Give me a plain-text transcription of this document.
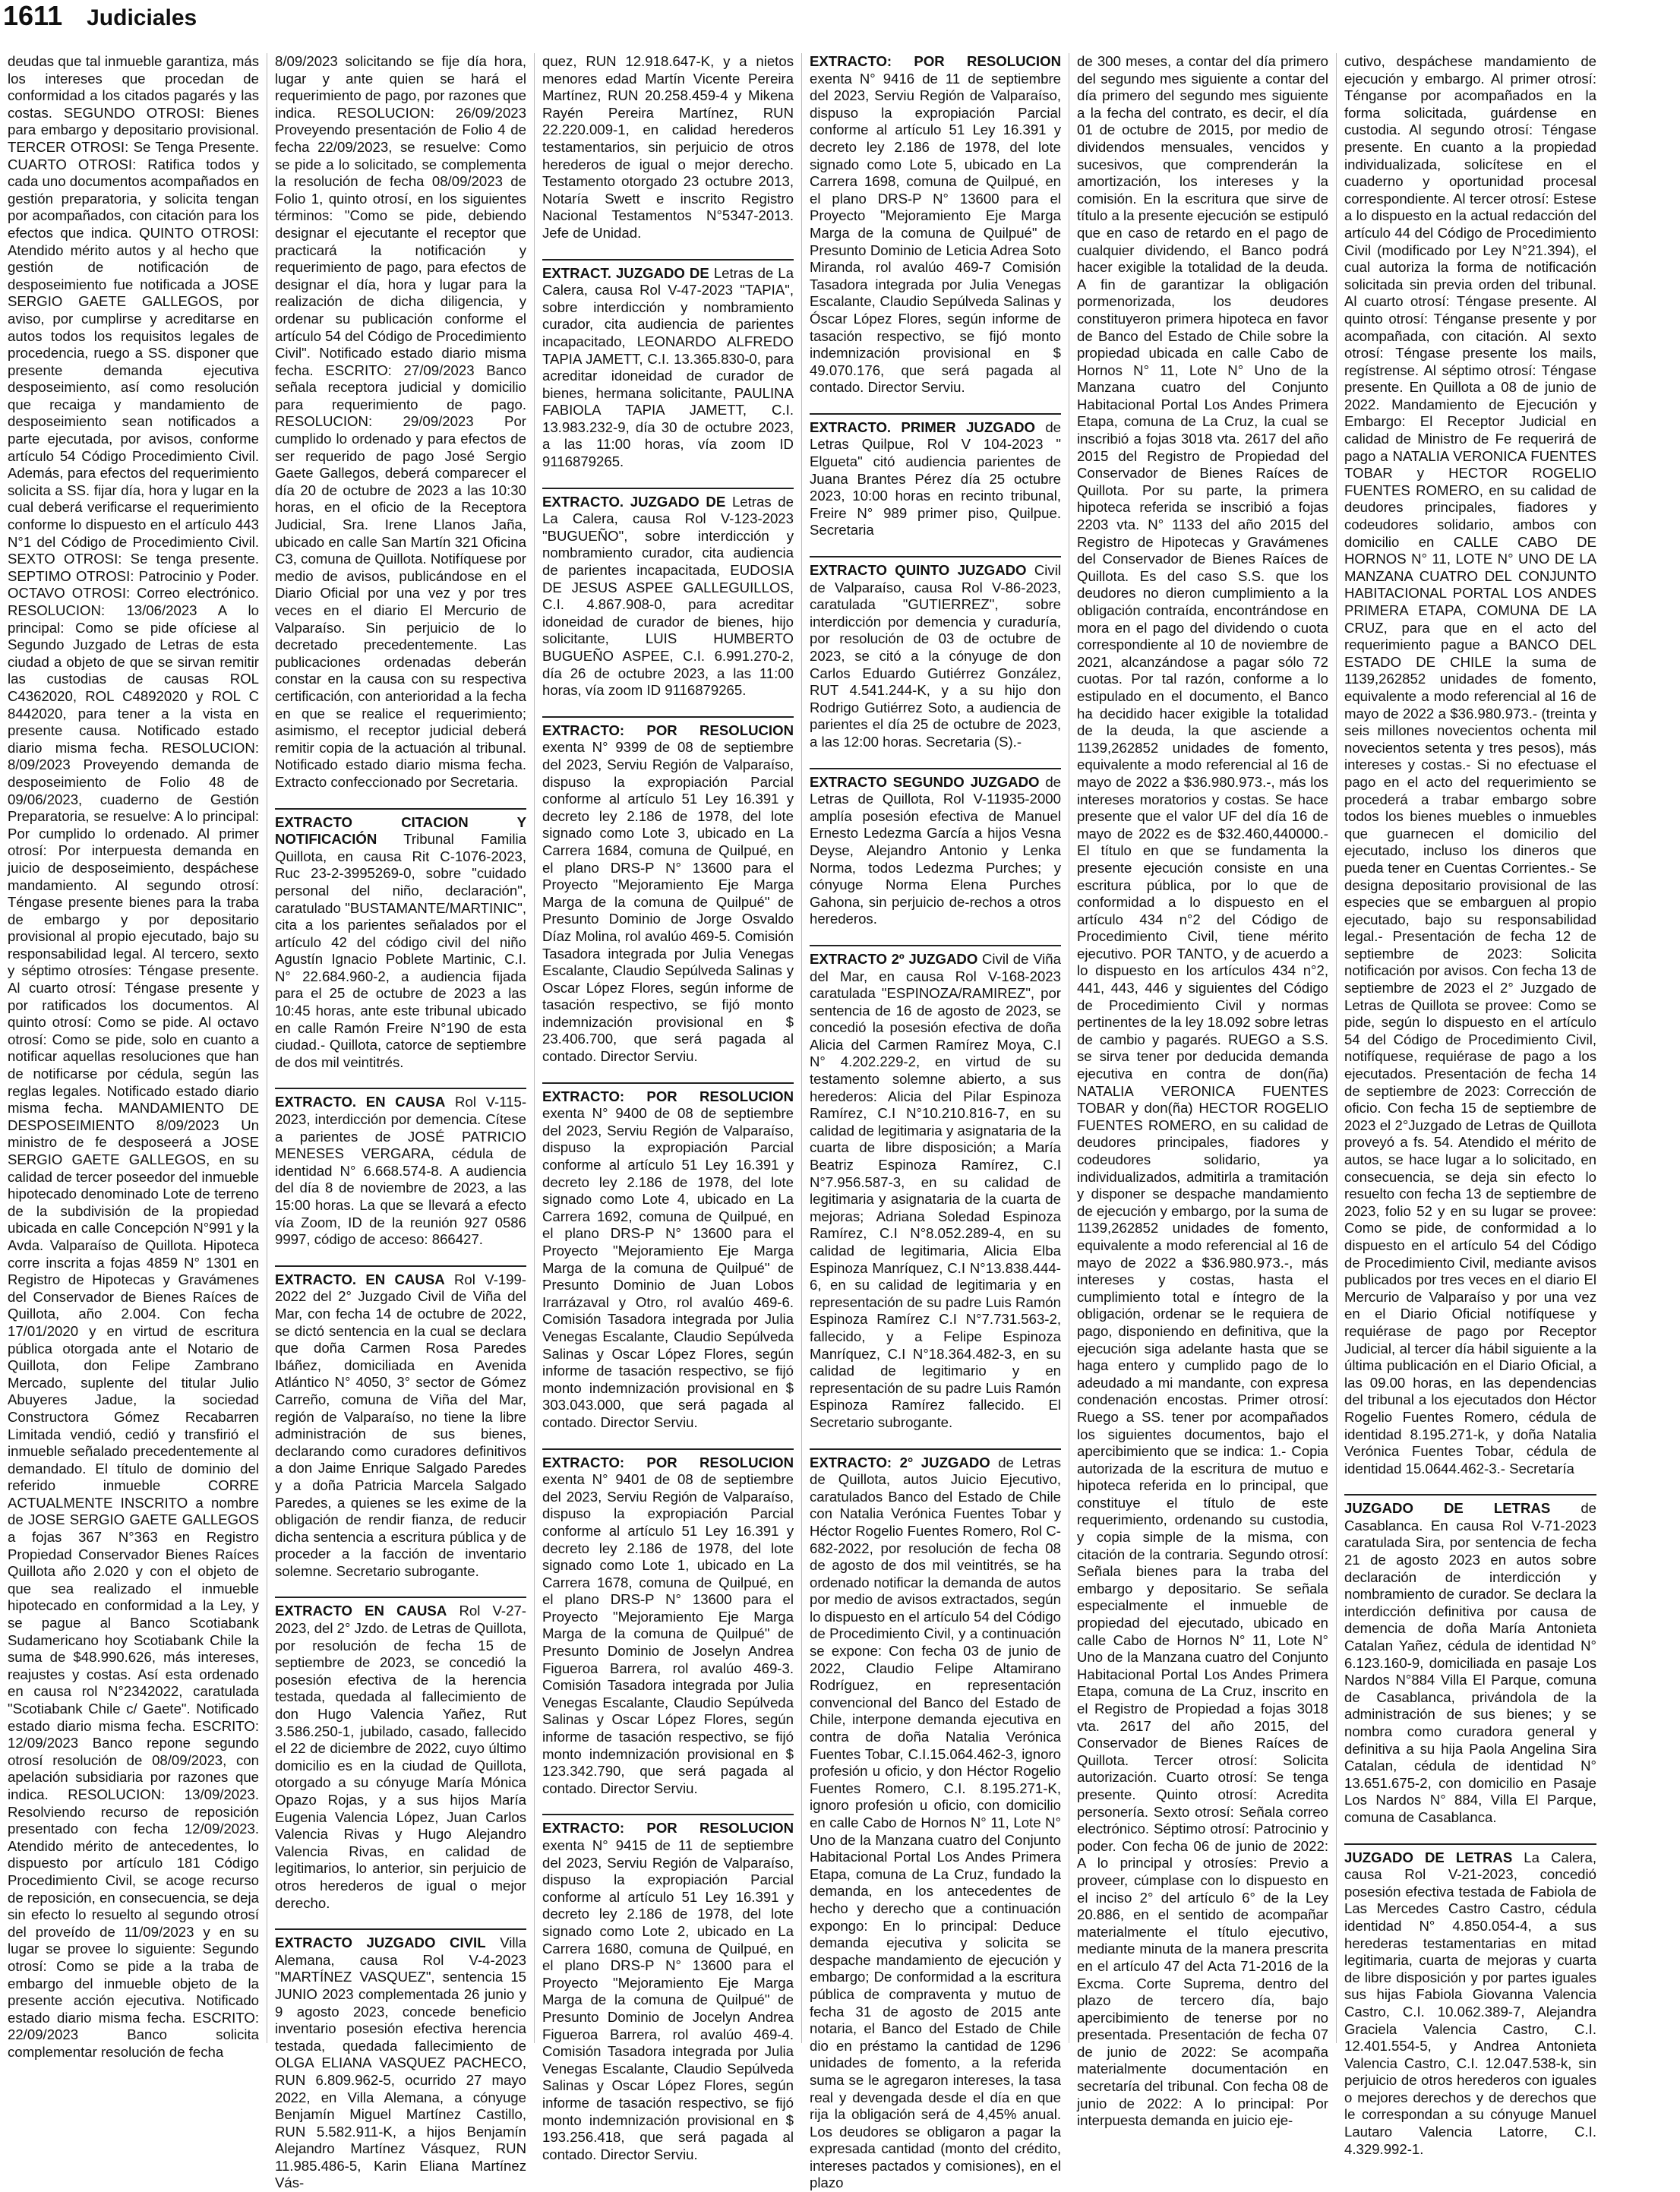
1611 Judiciales

deudas que tal inmueble garantiza, más los intereses que procedan de conformidad a los citados pagarés y las costas. SEGUNDO OTROSI: Bienes para embargo y depositario provisional. TERCER OTROSI: Se Tenga Presente. CUARTO OTROSI: Ratifica todos y cada uno documentos acompañados en gestión preparatoria, y solicita tengan por acompañados, con citación para los efectos que indica. QUINTO OTROSI: Atendido mérito autos y al hecho que gestión de notificación de desposeimiento fue notificada a JOSE SERGIO GAETE GALLEGOS, por aviso, por cumplirse y acreditarse en autos todos los requisitos legales de procedencia, ruego a SS. disponer que presente demanda ejecutiva desposeimiento, así como resolución que recaiga y mandamiento de desposeimiento sean notificados a parte ejecutada, por avisos, conforme artículo 54 Código Procedimiento Civil. Además, para efectos del requerimiento solicita a SS. fijar día, hora y lugar en la cual deberá verificarse el requerimiento conforme lo dispuesto en el artículo 443 N°1 del Código de Procedimiento Civil. SEXTO OTROSI: Se tenga presente. SEPTIMO OTROSI: Patrocinio y Poder. OCTAVO OTROSI: Correo electrónico. RESOLUCION: 13/06/2023 A lo principal: Como se pide ofíciese al Segundo Juzgado de Letras de esta ciudad a objeto de que se sirvan remitir las custodias de causas ROL C4362020, ROL C4892020 y ROL C 8442020, para tener a la vista en presente causa. Notificado estado diario misma fecha. RESOLUCION: 8/09/2023 Proveyendo demanda de desposeimiento de Folio 48 de 09/06/2023, cuaderno de Gestión Preparatoria, se resuelve: A lo principal: Por cumplido lo ordenado. Al primer otrosí: Por interpuesta demanda en juicio de desposeimiento, despáchese mandamiento. Al segundo otrosí: Téngase presente bienes para la traba de embargo y por depositario provisional al propio ejecutado, bajo su responsabilidad legal. Al tercero, sexto y séptimo otrosíes: Téngase presente. Al cuarto otrosí: Téngase presente y por ratificados los documentos. Al quinto otrosí: Como se pide. Al octavo otrosí: Como se pide, solo en cuanto a notificar aquellas resoluciones que han de notificarse por cédula, según las reglas legales. Notificado estado diario misma fecha. MANDAMIENTO DE DESPOSEIMIENTO 8/09/2023 Un ministro de fe desposeerá a JOSE SERGIO GAETE GALLEGOS, en su calidad de tercer poseedor del inmueble hipotecado denominado Lote de terreno de la subdivisión de la propiedad ubicada en calle Concepción N°991 y la Avda. Valparaíso de Quillota. Hipoteca corre inscrita a fojas 4859 N° 1301 en Registro de Hipotecas y Gravámenes del Conservador de Bienes Raíces de Quillota, año 2.004. Con fecha 17/01/2020 y en virtud de escritura pública otorgada ante el Notario de Quillota, don Felipe Zambrano Mercado, suplente del titular Julio Abuyeres Jadue, la sociedad Constructora Gómez Recabarren Limitada vendió, cedió y transfirió el inmueble señalado precedentemente al demandado. El título de dominio del referido inmueble CORRE ACTUALMENTE INSCRITO a nombre de JOSE SERGIO GAETE GALLEGOS a fojas 367 N°363 en Registro Propiedad Conservador Bienes Raíces Quillota año 2.020 y con el objeto de que sea realizado el inmueble hipotecado en conformidad a la Ley, y se pague al Banco Scotiabank Sudamericano hoy Scotiabank Chile la suma de $48.990.626, más intereses, reajustes y costas. Así esta ordenado en causa rol N°2342022, caratulada "Scotiabank Chile c/ Gaete". Notificado estado diario misma fecha. ESCRITO: 12/09/2023 Banco repone segundo otrosí resolución de 08/09/2023, con apelación subsidiaria por razones que indica. RESOLUCION: 13/09/2023. Resolviendo recurso de reposición presentado con fecha 12/09/2023. Atendido mérito de antecedentes, lo dispuesto por artículo 181 Código Procedimiento Civil, se acoge recurso de reposición, en consecuencia, se deja sin efecto lo resuelto al segundo otrosí del proveído de 11/09/2023 y en su lugar se provee lo siguiente: Segundo otrosí: Como se pide a la traba de embargo del inmueble objeto de la presente acción ejecutiva. Notificado estado diario misma fecha. ESCRITO: 22/09/2023 Banco solicita complementar resolución de fecha

8/09/2023 solicitando se fije día hora, lugar y ante quien se hará el requerimiento de pago, por razones que indica. RESOLUCION: 26/09/2023 Proveyendo presentación de Folio 4 de fecha 22/09/2023, se resuelve: Como se pide a lo solicitado, se complementa la resolución de fecha 08/09/2023 de Folio 1, quinto otrosí, en los siguientes términos: "Como se pide, debiendo designar el ejecutante el receptor que practicará la notificación y requerimiento de pago, para efectos de designar el día, hora y lugar para la realización de dicha diligencia, y ordenar su publicación conforme el artículo 54 del Código de Procedimiento Civil". Notificado estado diario misma fecha. ESCRITO: 27/09/2023 Banco señala receptora judicial y domicilio para requerimiento de pago. RESOLUCION: 29/09/2023 Por cumplido lo ordenado y para efectos de ser requerido de pago José Sergio Gaete Gallegos, deberá comparecer el día 20 de octubre de 2023 a las 10:30 horas, en el oficio de la Receptora Judicial, Sra. Irene Llanos Jaña, ubicado en calle San Martín 321 Oficina C3, comuna de Quillota. Notifíquese por medio de avisos, publicándose en el Diario Oficial por una vez y por tres veces en el diario El Mercurio de Valparaíso. Sin perjuicio de lo decretado precedentemente. Las publicaciones ordenadas deberán constar en la causa con su respectiva certificación, con anterioridad a la fecha en que se realice el requerimiento; asimismo, el receptor judicial deberá remitir copia de la actuación al tribunal. Notificado estado diario misma fecha. Extracto confeccionado por Secretaria.

EXTRACTO CITACION Y NOTIFICACIÓN Tribunal Familia Quillota, en causa Rit C-1076-2023, Ruc 23-2-3995269-0, sobre "cuidado personal del niño, declaración", caratulado "BUSTAMANTE/MARTINIC", cita a los parientes señalados por el artículo 42 del código civil del niño Agustín Ignacio Poblete Martinic, C.I. N° 22.684.960-2, a audiencia fijada para el 25 de octubre de 2023 a las 10:45 horas, ante este tribunal ubicado en calle Ramón Freire N°190 de esta ciudad.- Quillota, catorce de septiembre de dos mil veintitrés.

EXTRACTO. EN CAUSA Rol V-115-2023, interdicción por demencia. Cítese a parientes de JOSÉ PATRICIO MENESES VERGARA, cédula de identidad N° 6.668.574-8. A audiencia del día 8 de noviembre de 2023, a las 15:00 horas. La que se llevará a efecto vía Zoom, ID de la reunión 927 0586 9997, código de acceso: 866427.

EXTRACTO. EN CAUSA Rol V-199- 2022 del 2° Juzgado Civil de Viña del Mar, con fecha 14 de octubre de 2022, se dictó sentencia en la cual se declara que doña Carmen Rosa Paredes Ibáñez, domiciliada en Avenida Atlántico N° 4050, 3° sector de Gómez Carreño, comuna de Viña del Mar, región de Valparaíso, no tiene la libre administración de sus bienes, declarando como curadores definitivos a don Jaime Enrique Salgado Paredes y a doña Patricia Marcela Salgado Paredes, a quienes se les exime de la obligación de rendir fianza, de reducir dicha sentencia a escritura pública y de proceder a la facción de inventario solemne. Secretario subrogante.

EXTRACTO EN CAUSA Rol V-27-2023, del 2° Jzdo. de Letras de Quillota, por resolución de fecha 15 de septiembre de 2023, se concedió la posesión efectiva de la herencia testada, quedada al fallecimiento de don Hugo Valencia Yañez, Rut 3.586.250-1, jubilado, casado, fallecido el 22 de diciembre de 2022, cuyo último domicilio es en la ciudad de Quillota, otorgado a su cónyuge María Mónica Opazo Rojas, y a sus hijos María Eugenia Valencia López, Juan Carlos Valencia Rivas y Hugo Alejandro Valencia Rivas, en calidad de legitimarios, lo anterior, sin perjuicio de otros herederos de igual o mejor derecho.

EXTRACTO JUZGADO CIVIL Villa Alemana, causa Rol V-4-2023 "MARTÍNEZ VASQUEZ", sentencia 15 JUNIO 2023 complementada 26 junio y 9 agosto 2023, concede beneficio inventario posesión efectiva herencia testada, quedada fallecimiento de OLGA ELIANA VASQUEZ PACHECO, RUN 6.809.962-5, ocurrido 27 mayo 2022, en Villa Alemana, a cónyuge Benjamín Miguel Martínez Castillo, RUN 5.582.911-K, a hijos Benjamín Alejandro Martínez Vásquez, RUN 11.985.486-5, Karin Eliana Martínez Vás-

quez, RUN 12.918.647-K, y a nietos menores edad Martín Vicente Pereira Martínez, RUN 20.258.459-4 y Mikena Rayén Pereira Martínez, RUN 22.220.009-1, en calidad herederos testamentarios, sin perjuicio de otros herederos de igual o mejor derecho. Testamento otorgado 23 octubre 2013, Notaría Swett e inscrito Registro Nacional Testamentos N°5347-2013. Jefe de Unidad.

EXTRACT. JUZGADO DE Letras de La Calera, causa Rol V-47-2023 "TAPIA", sobre interdicción y nombramiento curador, cita audiencia de parientes incapacitado, LEONARDO ALFREDO TAPIA JAMETT, C.I. 13.365.830-0, para acreditar idoneidad de curador de bienes, hermana solicitante, PAULINA FABIOLA TAPIA JAMETT, C.I. 13.983.232-9, día 30 de octubre 2023, a las 11:00 horas, vía zoom ID 9116879265.

EXTRACTO. JUZGADO DE Letras de La Calera, causa Rol V-123-2023 "BUGUEÑO", sobre interdicción y nombramiento curador, cita audiencia de parientes incapacitada, EUDOSIA DE JESUS ASPEE GALLEGUILLOS, C.I. 4.867.908-0, para acreditar idoneidad de curador de bienes, hijo solicitante, LUIS HUMBERTO BUGUEÑO ASPEE, C.I. 6.991.270-2, día 26 de octubre 2023, a las 11:00 horas, vía zoom ID 9116879265.

EXTRACTO: POR RESOLUCION exenta N° 9399 de 08 de septiembre del 2023, Serviu Región de Valparaíso, dispuso la expropiación Parcial conforme al artículo 51 Ley 16.391 y decreto ley 2.186 de 1978, del lote signado como Lote 3, ubicado en La Carrera 1684, comuna de Quilpué, en el plano DRS-P N° 13600 para el Proyecto "Mejoramiento Eje Marga Marga de la comuna de Quilpué" de Presunto Dominio de Jorge Osvaldo Díaz Molina, rol avalúo 469-5. Comisión Tasadora integrada por Julia Venegas Escalante, Claudio Sepúlveda Salinas y Oscar López Flores, según informe de tasación respectivo, se fijó monto indemnización provisional en $ 23.406.700, que será pagada al contado. Director Serviu.

EXTRACTO: POR RESOLUCION exenta N° 9400 de 08 de septiembre del 2023, Serviu Región de Valparaíso, dispuso la expropiación Parcial conforme al artículo 51 Ley 16.391 y decreto ley 2.186 de 1978, del lote signado como Lote 4, ubicado en La Carrera 1692, comuna de Quilpué, en el plano DRS-P N° 13600 para el Proyecto "Mejoramiento Eje Marga Marga de la comuna de Quilpué" de Presunto Dominio de Juan Lobos Irarrázaval y Otro, rol avalúo 469-6. Comisión Tasadora integrada por Julia Venegas Escalante, Claudio Sepúlveda Salinas y Oscar López Flores, según informe de tasación respectivo, se fijó monto indemnización provisional en $ 303.043.000, que será pagada al contado. Director Serviu.

EXTRACTO: POR RESOLUCION exenta N° 9401 de 08 de septiembre del 2023, Serviu Región de Valparaíso, dispuso la expropiación Parcial conforme al artículo 51 Ley 16.391 y decreto ley 2.186 de 1978, del lote signado como Lote 1, ubicado en La Carrera 1678, comuna de Quilpué, en el plano DRS-P N° 13600 para el Proyecto "Mejoramiento Eje Marga Marga de la comuna de Quilpué" de Presunto Dominio de Joselyn Andrea Figueroa Barrera, rol avalúo 469-3. Comisión Tasadora integrada por Julia Venegas Escalante, Claudio Sepúlveda Salinas y Oscar López Flores, según informe de tasación respectivo, se fijó monto indemnización provisional en $ 123.342.790, que será pagada al contado. Director Serviu.

EXTRACTO: POR RESOLUCION exenta N° 9415 de 11 de septiembre del 2023, Serviu Región de Valparaíso, dispuso la expropiación Parcial conforme al artículo 51 Ley 16.391 y decreto ley 2.186 de 1978, del lote signado como Lote 2, ubicado en La Carrera 1680, comuna de Quilpué, en el plano DRS-P N° 13600 para el Proyecto "Mejoramiento Eje Marga Marga de la comuna de Quilpué" de Presunto Dominio de Jocelyn Andrea Figueroa Barrera, rol avalúo 469-4. Comisión Tasadora integrada por Julia Venegas Escalante, Claudio Sepúlveda Salinas y Oscar López Flores, según informe de tasación respectivo, se fijó monto indemnización provisional en $ 193.256.418, que será pagada al contado. Director Serviu.

EXTRACTO: POR RESOLUCION exenta N° 9416 de 11 de septiembre del 2023, Serviu Región de Valparaíso, dispuso la expropiación Parcial conforme al artículo 51 Ley 16.391 y decreto ley 2.186 de 1978, del lote signado como Lote 5, ubicado en La Carrera 1698, comuna de Quilpué, en el plano DRS-P N° 13600 para el Proyecto "Mejoramiento Eje Marga Marga de la comuna de Quilpué" de Presunto Dominio de Leticia Adrea Soto Miranda, rol avalúo 469-7 Comisión Tasadora integrada por Julia Venegas Escalante, Claudio Sepúlveda Salinas y Óscar López Flores, según informe de tasación respectivo, se fijó monto indemnización provisional en $ 49.070.176, que será pagada al contado. Director Serviu.

EXTRACTO. PRIMER JUZGADO de Letras Quilpue, Rol V 104-2023 " Elgueta" citó audiencia parientes de Juana Brantes Pérez día 25 octubre 2023, 10:00 horas en recinto tribunal, Freire N° 989 primer piso, Quilpue. Secretaria

EXTRACTO QUINTO JUZGADO Civil de Valparaíso, causa Rol V-86-2023, caratulada "GUTIERREZ", sobre interdicción por demencia y curaduría, por resolución de 03 de octubre de 2023, se citó a la cónyuge de don Carlos Eduardo Gutiérrez González, RUT 4.541.244-K, y a su hijo don Rodrigo Gutiérrez Soto, a audiencia de parientes el día 25 de octubre de 2023, a las 12:00 horas. Secretaria (S).-

EXTRACTO SEGUNDO JUZGADO de Letras de Quillota, Rol V-11935-2000 amplía posesión efectiva de Manuel Ernesto Ledezma García a hijos Vesna Deyse, Alejandro Antonio y Lenka Norma, todos Ledezma Purches; y cónyuge Norma Elena Purches Gahona, sin perjuicio de-rechos a otros herederos.

EXTRACTO 2º JUZGADO Civil de Viña del Mar, en causa Rol V-168-2023 caratulada "ESPINOZA/RAMIREZ", por sentencia de 16 de agosto de 2023, se concedió la posesión efectiva de doña Alicia del Carmen Ramírez Moya, C.I N° 4.202.229-2, en virtud de su testamento solemne abierto, a sus herederos: Alicia del Pilar Espinoza Ramírez, C.I N°10.210.816-7, en su calidad de legitimaria y asignataria de la cuarta de libre disposición; a María Beatriz Espinoza Ramírez, C.I N°7.956.587-3, en su calidad de legitimaria y asignataria de la cuarta de mejoras; Adriana Soledad Espinoza Ramírez, C.I N°8.052.289-4, en su calidad de legitimaria, Alicia Elba Espinoza Manríquez, C.I N°13.838.444-6, en su calidad de legitimaria y en representación de su padre Luis Ramón Espinoza Ramírez C.I N°7.731.563-2, fallecido, y a Felipe Espinoza Manríquez, C.I N°18.364.482-3, en su calidad de legitimario y en representación de su padre Luis Ramón Espinoza Ramírez fallecido. El Secretario subrogante.

EXTRACTO: 2° JUZGADO de Letras de Quillota, autos Juicio Ejecutivo, caratulados Banco del Estado de Chile con Natalia Verónica Fuentes Tobar y Héctor Rogelio Fuentes Romero, Rol C-682-2022, por resolución de fecha 08 de agosto de dos mil veintitrés, se ha ordenado notificar la demanda de autos por medio de avisos extractados, según lo dispuesto en el artículo 54 del Código de Procedimiento Civil, y a continuación se expone: Con fecha 03 de junio de 2022, Claudio Felipe Altamirano Rodríguez, en representación convencional del Banco del Estado de Chile, interpone demanda ejecutiva en contra de doña Natalia Verónica Fuentes Tobar, C.I.15.064.462-3, ignoro profesión u oficio, y don Héctor Rogelio Fuentes Romero, C.I. 8.195.271-K, ignoro profesión u oficio, con domicilio en calle Cabo de Hornos N° 11, Lote N° Uno de la Manzana cuatro del Conjunto Habitacional Portal Los Andes Primera Etapa, comuna de La Cruz, fundado la demanda, en los antecedentes de hecho y derecho que a continuación expongo: En lo principal: Deduce demanda ejecutiva y solicita se despache mandamiento de ejecución y embargo; De conformidad a la escritura pública de compraventa y mutuo de fecha 31 de agosto de 2015 ante notaria, el Banco del Estado de Chile dio en préstamo la cantidad de 1296 unidades de fomento, a la referida suma se le agregaron intereses, la tasa real y devengada desde el día en que rija la obligación será de 4,45% anual. Los deudores se obligaron a pagar la expresada cantidad (monto del crédito, intereses pactados y comisiones), en el plazo

de 300 meses, a contar del día primero del segundo mes siguiente a contar del día primero del segundo mes siguiente a la fecha del contrato, es decir, el día 01 de octubre de 2015, por medio de dividendos mensuales, vencidos y sucesivos, que comprenderán la amortización, los intereses y la comisión. En la escritura que sirve de título a la presente ejecución se estipuló que en caso de retardo en el pago de cualquier dividendo, el Banco podrá hacer exigible la totalidad de la deuda. A fin de garantizar la obligación pormenorizada, los deudores constituyeron primera hipoteca en favor de Banco del Estado de Chile sobre la propiedad ubicada en calle Cabo de Hornos N° 11, Lote N° Uno de la Manzana cuatro del Conjunto Habitacional Portal Los Andes Primera Etapa, comuna de La Cruz, la cual se inscribió a fojas 3018 vta. 2617 del año 2015 del Registro de Propiedad del Conservador de Bienes Raíces de Quillota. Por su parte, la primera hipoteca referida se inscribió a fojas 2203 vta. N° 1133 del año 2015 del Registro de Hipotecas y Gravámenes del Conservador de Bienes Raíces de Quillota. Es del caso S.S. que los deudores no dieron cumplimiento a la obligación contraída, encontrándose en mora en el pago del dividendo o cuota correspondiente al 10 de noviembre de 2021, alcanzándose a pagar sólo 72 cuotas. Por tal razón, conforme a lo estipulado en el documento, el Banco ha decidido hacer exigible la totalidad de la deuda, la que asciende a 1139,262852 unidades de fomento, equivalente a modo referencial al 16 de mayo de 2022 a $36.980.973.-, más los intereses moratorios y costas. Se hace presente que el valor UF del día 16 de mayo de 2022 es de $32.460,440000.- El título en que se fundamenta la presente ejecución consiste en una escritura pública, por lo que de conformidad a lo dispuesto en el artículo 434 n°2 del Código de Procedimiento Civil, tiene mérito ejecutivo. POR TANTO, y de acuerdo a lo dispuesto en los artículos 434 n°2, 441, 443, 446 y siguientes del Código de Procedimiento Civil y normas pertinentes de la ley 18.092 sobre letras de cambio y pagarés. RUEGO a S.S. se sirva tener por deducida demanda ejecutiva en contra de don(ña) NATALIA VERONICA FUENTES TOBAR y don(ña) HECTOR ROGELIO FUENTES ROMERO, en su calidad de deudores principales, fiadores y codeudores solidario, ya individualizados, admitirla a tramitación y disponer se despache mandamiento de ejecución y embargo, por la suma de 1139,262852 unidades de fomento, equivalente a modo referencial al 16 de mayo de 2022 a $36.980.973.-, más intereses y costas, hasta el cumplimiento total e íntegro de la obligación, ordenar se le requiera de pago, disponiendo en definitiva, que la ejecución siga adelante hasta que se haga entero y cumplido pago de lo adeudado a mi mandante, con expresa condenación encostas. Primer otrosí: Ruego a SS. tener por acompañados los siguientes documentos, bajo el apercibimiento que se indica: 1.- Copia autorizada de la escritura de mutuo e hipoteca referida en lo principal, que constituye el título de este requerimiento, ordenando su custodia, y copia simple de la misma, con citación de la contraria. Segundo otrosí: Señala bienes para la traba del embargo y depositario. Se señala especialmente el inmueble de propiedad del ejecutado, ubicado en calle Cabo de Hornos N° 11, Lote N° Uno de la Manzana cuatro del Conjunto Habitacional Portal Los Andes Primera Etapa, comuna de La Cruz, inscrito en el Registro de Propiedad a fojas 3018 vta. 2617 del año 2015, del Conservador de Bienes Raíces de Quillota. Tercer otrosí: Solicita autorización. Cuarto otrosí: Se tenga presente. Quinto otrosí: Acredita personería. Sexto otrosí: Señala correo electrónico. Séptimo otrosí: Patrocinio y poder. Con fecha 06 de junio de 2022: A lo principal y otrosíes: Previo a proveer, cúmplase con lo dispuesto en el inciso 2° del artículo 6° de la Ley 20.886, en el sentido de acompañar materialmente el título ejecutivo, mediante minuta de la manera prescrita en el artículo 47 del Acta 71-2016 de la Excma. Corte Suprema, dentro del plazo de tercero día, bajo apercibimiento de tenerse por no presentada. Presentación de fecha 07 de junio de 2022: Se acompaña materialmente documentación en secretaría del tribunal. Con fecha 08 de junio de 2022: A lo principal: Por interpuesta demanda en juicio eje-

cutivo, despáchese mandamiento de ejecución y embargo. Al primer otrosí: Ténganse por acompañados en la forma solicitada, guárdense en custodia. Al segundo otrosí: Téngase presente. En cuanto a la propiedad individualizada, solicítese en el cuaderno y oportunidad procesal correspondiente. Al tercer otrosí: Estese a lo dispuesto en la actual redacción del artículo 44 del Código de Procedimiento Civil (modificado por Ley N°21.394), el cual autoriza la forma de notificación solicitada sin previa orden del tribunal. Al cuarto otrosí: Téngase presente. Al quinto otrosí: Ténganse presente y por acompañada, con citación. Al sexto otrosí: Téngase presente los mails, regístrense. Al séptimo otrosí: Téngase presente. En Quillota a 08 de junio de 2022. Mandamiento de Ejecución y Embargo: El Receptor Judicial en calidad de Ministro de Fe requerirá de pago a NATALIA VERONICA FUENTES TOBAR y HECTOR ROGELIO FUENTES ROMERO, en su calidad de deudores principales, fiadores y codeudores solidario, ambos con domicilio en CALLE CABO DE HORNOS N° 11, LOTE N° UNO DE LA MANZANA CUATRO DEL CONJUNTO HABITACIONAL PORTAL LOS ANDES PRIMERA ETAPA, COMUNA DE LA CRUZ, para que en el acto del requerimiento pague a BANCO DEL ESTADO DE CHILE la suma de 1139,262852 unidades de fomento, equivalente a modo referencial al 16 de mayo de 2022 a $36.980.973.- (treinta y seis millones novecientos ochenta mil novecientos setenta y tres pesos), más intereses y costas.- Si no efectuase el pago en el acto del requerimiento se procederá a trabar embargo sobre todos los bienes muebles o inmuebles que guarnecen el domicilio del ejecutado, incluso los dineros que pueda tener en Cuentas Corrientes.- Se designa depositario provisional de las especies que se embarguen al propio ejecutado, bajo su responsabilidad legal.- Presentación de fecha 12 de septiembre de 2023: Solicita notificación por avisos. Con fecha 13 de septiembre de 2023 el 2° Juzgado de Letras de Quillota se provee: Como se pide, según lo dispuesto en el artículo 54 del Código de Procedimiento Civil, notifíquese, requiérase de pago a los ejecutados. Presentación de fecha 14 de septiembre de 2023: Corrección de oficio. Con fecha 15 de septiembre de 2023 el 2°Juzgado de Letras de Quillota proveyó a fs. 54. Atendido el mérito de autos, se hace lugar a lo solicitado, en consecuencia, se deja sin efecto lo resuelto con fecha 13 de septiembre de 2023, folio 52 y en su lugar se provee: Como se pide, de conformidad a lo dispuesto en el artículo 54 del Código de Procedimiento Civil, mediante avisos publicados por tres veces en el diario El Mercurio de Valparaíso y por una vez en el Diario Oficial notifíquese y requiérase de pago por Receptor Judicial, al tercer día hábil siguiente a la última publicación en el Diario Oficial, a las 09.00 horas, en las dependencias del tribunal a los ejecutados don Héctor Rogelio Fuentes Romero, cédula de identidad 8.195.271-k, y doña Natalia Verónica Fuentes Tobar, cédula de identidad 15.0644.462-3.- Secretaría

JUZGADO DE LETRAS de Casablanca. En causa Rol V-71-2023 caratulada Sira, por sentencia de fecha 21 de agosto 2023 en autos sobre declaración de interdicción y nombramiento de curador. Se declara la interdicción definitiva por causa de demencia de doña María Antonieta Catalan Yañez, cédula de identidad N° 6.123.160-9, domiciliada en pasaje Los Nardos N°884 Villa El Parque, comuna de Casablanca, privándola de la administración de sus bienes; y se nombra como curadora general y definitiva a su hija Paola Angelina Sira Catalan, cédula de identidad N° 13.651.675-2, con domicilio en Pasaje Los Nardos N° 884, Villa El Parque, comuna de Casablanca.

JUZGADO DE LETRAS La Calera, causa Rol V-21-2023, concedió posesión efectiva testada de Fabiola de Las Mercedes Castro Castro, cédula identidad N° 4.850.054-4, a sus herederas testamentarias en mitad legitimaria, cuarta de mejoras y cuarta de libre disposición y por partes iguales sus hijas Fabiola Giovanna Valencia Castro, C.I. 10.062.389-7, Alejandra Graciela Valencia Castro, C.I. 12.401.554-5, y Andrea Antonieta Valencia Castro, C.I. 12.047.538-k, sin perjuicio de otros herederos con iguales o mejores derechos y de derechos que le correspondan a su cónyuge Manuel Lautaro Valencia Latorre, C.I. 4.329.992-1.
